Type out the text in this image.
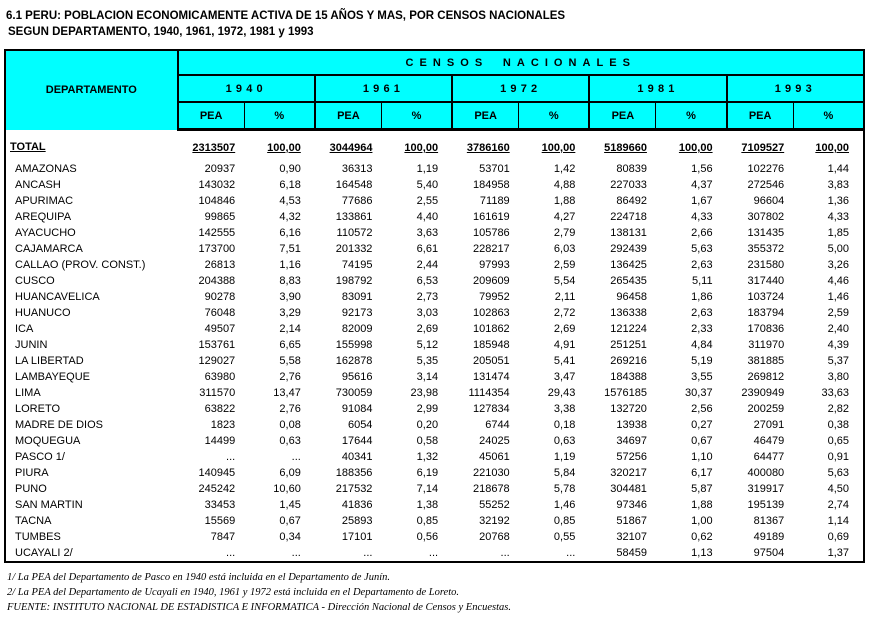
6.1 PERU: POBLACION ECONOMICAMENTE ACTIVA DE 15 AÑOS Y MAS, POR CENSOS NACIONALES
SEGUN DEPARTAMENTO, 1940, 1961, 1972, 1981 y 1993
DEPARTAMENTO	CENSOS NACIONALES									
	1940		1961		1972		1981		1993	
	PEA	%	PEA	%	PEA	%	PEA	%	PEA	%
TOTAL	2313507	100,00	3044964	100,00	3786160	100,00	5189660	100,00	7109527	100,00
AMAZONAS	20937	0,90	36313	1,19	53701	1,42	80839	1,56	102276	1,44
ANCASH	143032	6,18	164548	5,40	184958	4,88	227033	4,37	272546	3,83
APURIMAC	104846	4,53	77686	2,55	71189	1,88	86492	1,67	96604	1,36
AREQUIPA	99865	4,32	133861	4,40	161619	4,27	224718	4,33	307802	4,33
AYACUCHO	142555	6,16	110572	3,63	105786	2,79	138131	2,66	131435	1,85
CAJAMARCA	173700	7,51	201332	6,61	228217	6,03	292439	5,63	355372	5,00
CALLAO (PROV. CONST.)	26813	1,16	74195	2,44	97993	2,59	136425	2,63	231580	3,26
CUSCO	204388	8,83	198792	6,53	209609	5,54	265435	5,11	317440	4,46
HUANCAVELICA	90278	3,90	83091	2,73	79952	2,11	96458	1,86	103724	1,46
HUANUCO	76048	3,29	92173	3,03	102863	2,72	136338	2,63	183794	2,59
ICA	49507	2,14	82009	2,69	101862	2,69	121224	2,33	170836	2,40
JUNIN	153761	6,65	155998	5,12	185948	4,91	251251	4,84	311970	4,39
LA LIBERTAD	129027	5,58	162878	5,35	205051	5,41	269216	5,19	381885	5,37
LAMBAYEQUE	63980	2,76	95616	3,14	131474	3,47	184388	3,55	269812	3,80
LIMA	311570	13,47	730059	23,98	1114354	29,43	1576185	30,37	2390949	33,63
LORETO	63822	2,76	91084	2,99	127834	3,38	132720	2,56	200259	2,82
MADRE DE DIOS	1823	0,08	6054	0,20	6744	0,18	13938	0,27	27091	0,38
MOQUEGUA	14499	0,63	17644	0,58	24025	0,63	34697	0,67	46479	0,65
PASCO 1/	...	...	40341	1,32	45061	1,19	57256	1,10	64477	0,91
PIURA	140945	6,09	188356	6,19	221030	5,84	320217	6,17	400080	5,63
PUNO	245242	10,60	217532	7,14	218678	5,78	304481	5,87	319917	4,50
SAN MARTIN	33453	1,45	41836	1,38	55252	1,46	97346	1,88	195139	2,74
TACNA	15569	0,67	25893	0,85	32192	0,85	51867	1,00	81367	1,14
TUMBES	7847	0,34	17101	0,56	20768	0,55	32107	0,62	49189	0,69
UCAYALI 2/	...	...	...	...	...	...	58459	1,13	97504	1,37
1/ La PEA del Departamento de Pasco en 1940 está incluida en el Departamento de Junín.
2/ La PEA del Departamento de Ucayali en 1940, 1961 y 1972 está incluida en el Departamento de Loreto.
FUENTE: INSTITUTO NACIONAL DE ESTADISTICA E INFORMATICA - Dirección Nacional de Censos y Encuestas.
